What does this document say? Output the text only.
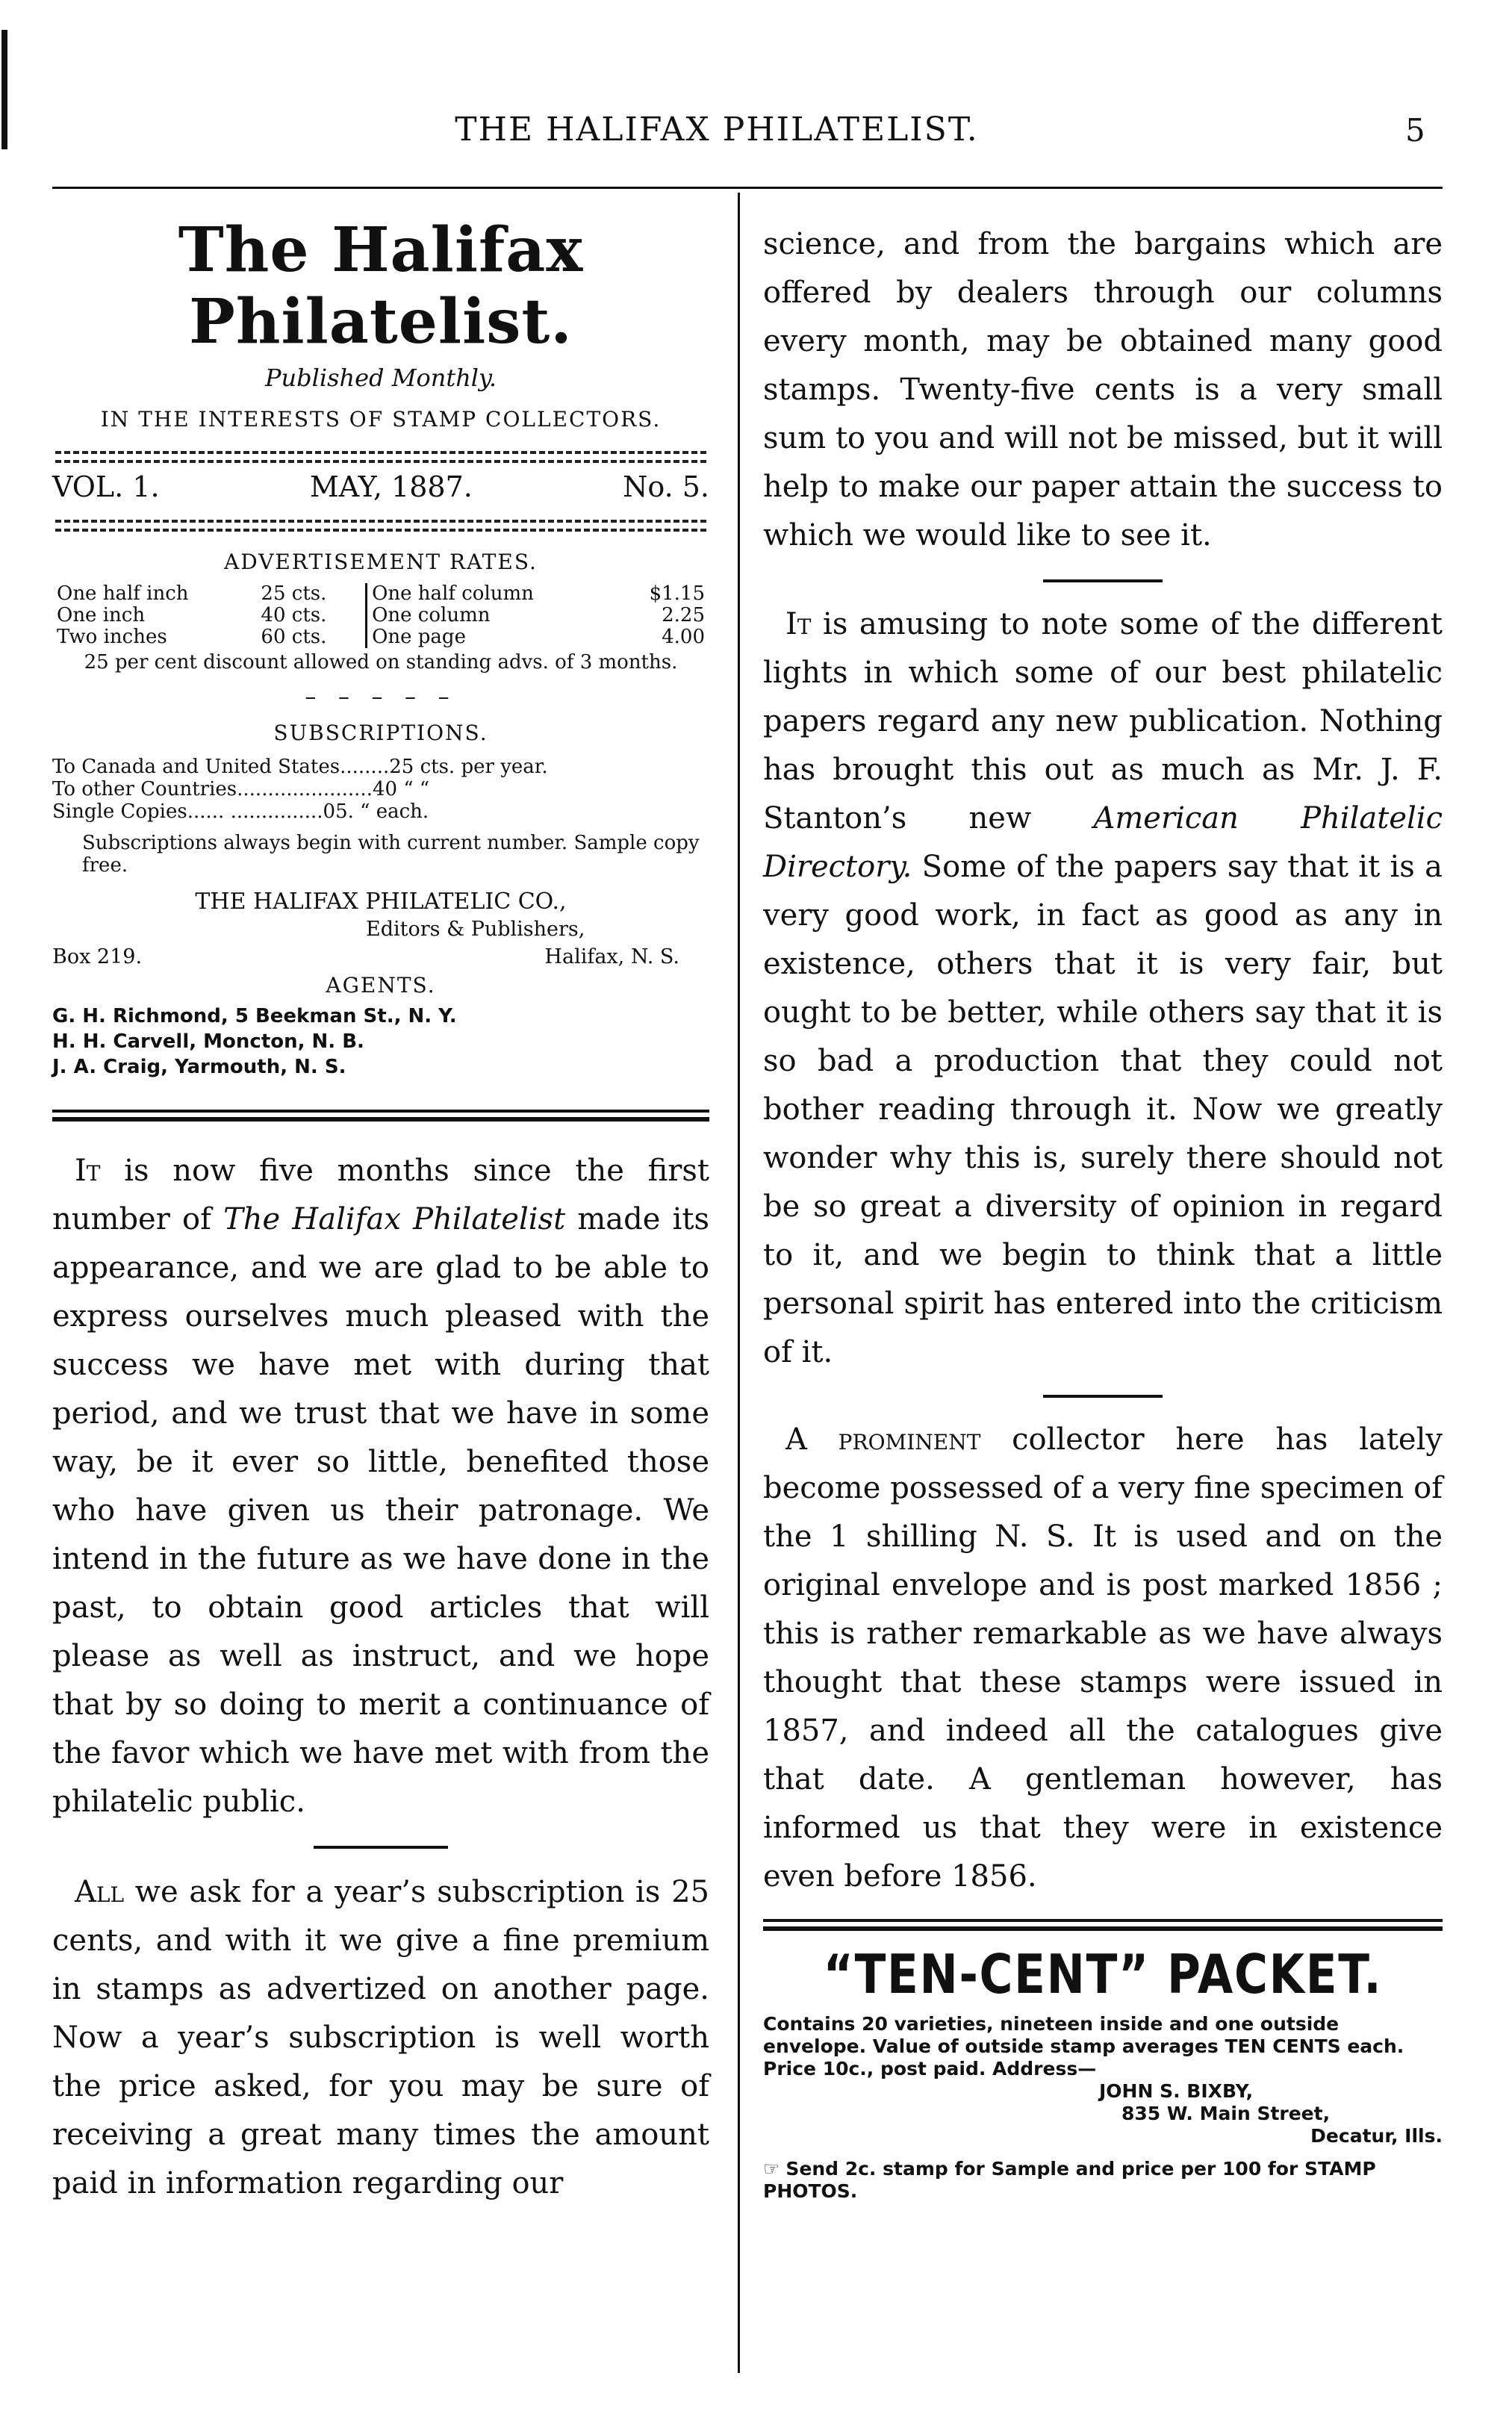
THE HALIFAX PHILATELIST.	5
The Halifax Philatelist.
Published Monthly.
IN THE INTERESTS OF STAMP COLLECTORS.
VOL. 1.	MAY, 1887.	No. 5.
ADVERTISEMENT RATES.
One half inch	25 cts.	One half column	$1.15
One inch	40 cts.	One column	2.25
Two inches	60 cts.	One page	4.00
25 per cent discount allowed on standing advs. of 3 months.
– – – – –
SUBSCRIPTIONS.
To Canada and United States........25 cts. per year.
To other Countries......................40 “ “
Single Copies...... ...............05. “ each.
Subscriptions always begin with current number. Sample copy free.
THE HALIFAX PHILATELIC CO.,
Editors & Publishers,
Box 219.	Halifax, N. S.
AGENTS.
G. H. Richmond, 5 Beekman St., N. Y.
H. H. Carvell, Moncton, N. B.
J. A. Craig, Yarmouth, N. S.

It is now five months since the first number of The Halifax Philatelist made its appearance, and we are glad to be able to express ourselves much pleased with the success we have met with during that period, and we trust that we have in some way, be it ever so little, benefited those who have given us their patronage. We intend in the future as we have done in the past, to obtain good articles that will please as well as instruct, and we hope that by so doing to merit a continuance of the favor which we have met with from the philatelic public.

All we ask for a year’s subscription is 25 cents, and with it we give a fine premium in stamps as advertized on another page. Now a year’s subscription is well worth the price asked, for you may be sure of receiving a great many times the amount paid in information regarding our

science, and from the bargains which are offered by dealers through our columns every month, may be obtained many good stamps. Twenty-five cents is a very small sum to you and will not be missed, but it will help to make our paper attain the success to which we would like to see it.

It is amusing to note some of the different lights in which some of our best philatelic papers regard any new publication. Nothing has brought this out as much as Mr. J. F. Stanton’s new American Philatelic Directory. Some of the papers say that it is a very good work, in fact as good as any in existence, others that it is very fair, but ought to be better, while others say that it is so bad a production that they could not bother reading through it. Now we greatly wonder why this is, surely there should not be so great a diversity of opinion in regard to it, and we begin to think that a little personal spirit has entered into the criticism of it.

A prominent collector here has lately become possessed of a very fine specimen of the 1 shilling N. S. It is used and on the original envelope and is post marked 1856 ; this is rather remarkable as we have always thought that these stamps were issued in 1857, and indeed all the catalogues give that date. A gentleman however, has informed us that they were in existence even before 1856.

“TEN-CENT” PACKET.
Contains 20 varieties, nineteen inside and one outside envelope. Value of outside stamp averages TEN CENTS each. Price 10c., post paid. Address—
JOHN S. BIXBY,
835 W. Main Street,
Decatur, Ills.
☞ Send 2c. stamp for Sample and price per 100 for STAMP PHOTOS.
